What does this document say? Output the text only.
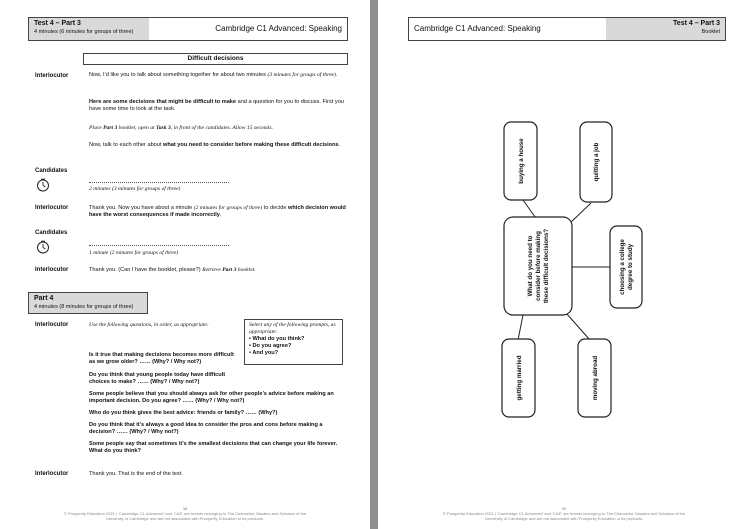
Test 4 – Part 3
4 minutes (6 minutes for groups of three)	Cambridge C1 Advanced: Speaking
Difficult decisions
Interlocutor	Now, I’d like you to talk about something together for about two minutes (3 minutes for groups of three).
Here are some decisions that might be difficult to make and a question for you to discuss. First you have some time to look at the task.
Place Part 3 booklet, open at Task 3, in front of the candidates. Allow 15 seconds.
Now, talk to each other about what you need to consider before making these difficult decisions.
Candidates
2 minutes (3 minutes for groups of three)
Interlocutor	Thank you. Now you have about a minute (2 minutes for groups of three) to decide which decision would have the worst consequences if made incorrectly.
Candidates
1 minute (2 minutes for groups of three)
Interlocutor	Thank you. (Can I have the booklet, please?) Retrieve Part 3 booklet.
Part 4
4 minutes (8 minutes for groups of three)
Interlocutor	Use the following questions, in order, as appropriate:	Select any of the following prompts, as appropriate:
• What do you think?
• Do you agree?
• And you?
Is it true that making decisions becomes more difficult as we grow older? …… (Why? / Why not?)
Do you think that young people today have difficult choices to make? …… (Why? / Why not?)
Some people believe that you should always ask for other people’s advice before making an important decision. Do you agree? …… (Why? / Why not?)
Who do you think gives the best advice: friends or family? …… (Why?)
Do you think that it’s always a good idea to consider the pros and cons before making a decision? …… (Why? / Why not?)
Some people say that sometimes it’s the smallest decisions that can change your life forever. What do you think?
Interlocutor	Thank you. That is the end of the test.
38
© Prosperity Education 2021 | ‘Cambridge C1 Advanced’ and ‘CAE’ are brands belonging to The Chancellor, Masters and Scholars of the University of Cambridge and are not associated with Prosperity Education or its products.
Cambridge C1 Advanced: Speaking
Test 4 – Part 3
Booklet
What do you need to consider before making these difficult decisions?
buying a house	quitting a job
choosing a college degree to study
getting married	moving abroad
39
© Prosperity Education 2021 | ‘Cambridge C1 Advanced’ and ‘CAE’ are brands belonging to The Chancellor, Masters and Scholars of the University of Cambridge and are not associated with Prosperity Education or its products.
